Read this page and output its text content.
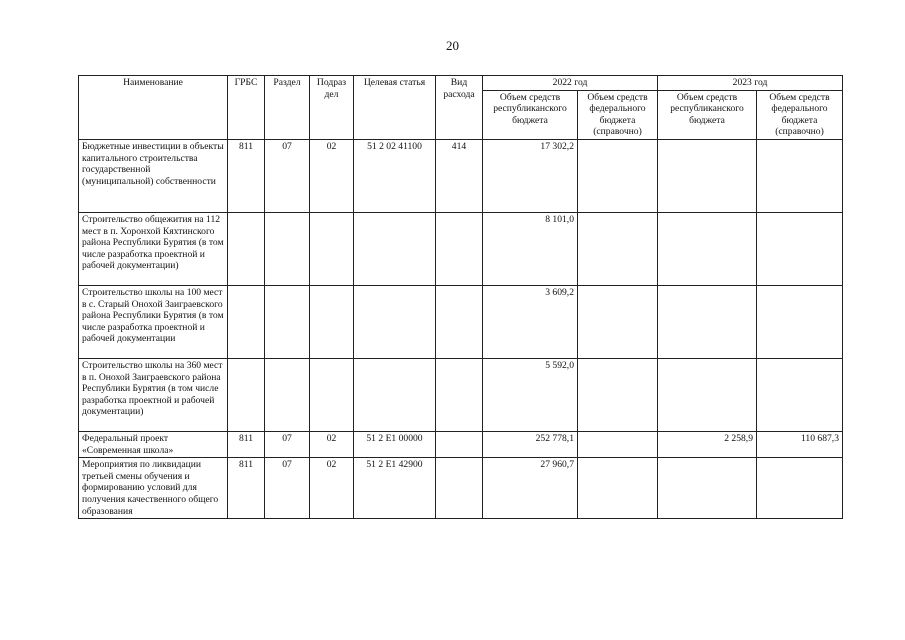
20
Наименование	ГРБС	Раздел	Подраз дел	Целевая статья	Вид расхода	2022 год		2023 год	
						Объем средств республиканского бюджета	Объем средств федерального бюджета (справочно)	Объем средств республиканского бюджета	Объем средств федерального бюджета (справочно)
Бюджетные инвестиции в объекты капитального строительства государственной (муниципальной) собственности	811	07	02	51 2 02 41100	414	17 302,2			
Строительство общежития на 112 мест в п. Хоронхой Кяхтинского района Республики Бурятия (в том числе разработка проектной и рабочей документации)						8 101,0			
Строительство школы на 100 мест в с. Старый Онохой Заиграевского района Республики Бурятия (в том числе разработка проектной и рабочей документации						3 609,2			
Строительство школы на 360 мест в п. Онохой Заиграевского района Республики Бурятия (в том числе разработка проектной и рабочей документации)						5 592,0			
Федеральный проект «Современная школа»	811	07	02	51 2 E1 00000		252 778,1		2 258,9	110 687,3
Мероприятия по ликвидации третьей смены обучения и формированию условий для получения качественного общего образования	811	07	02	51 2 E1 42900		27 960,7			
